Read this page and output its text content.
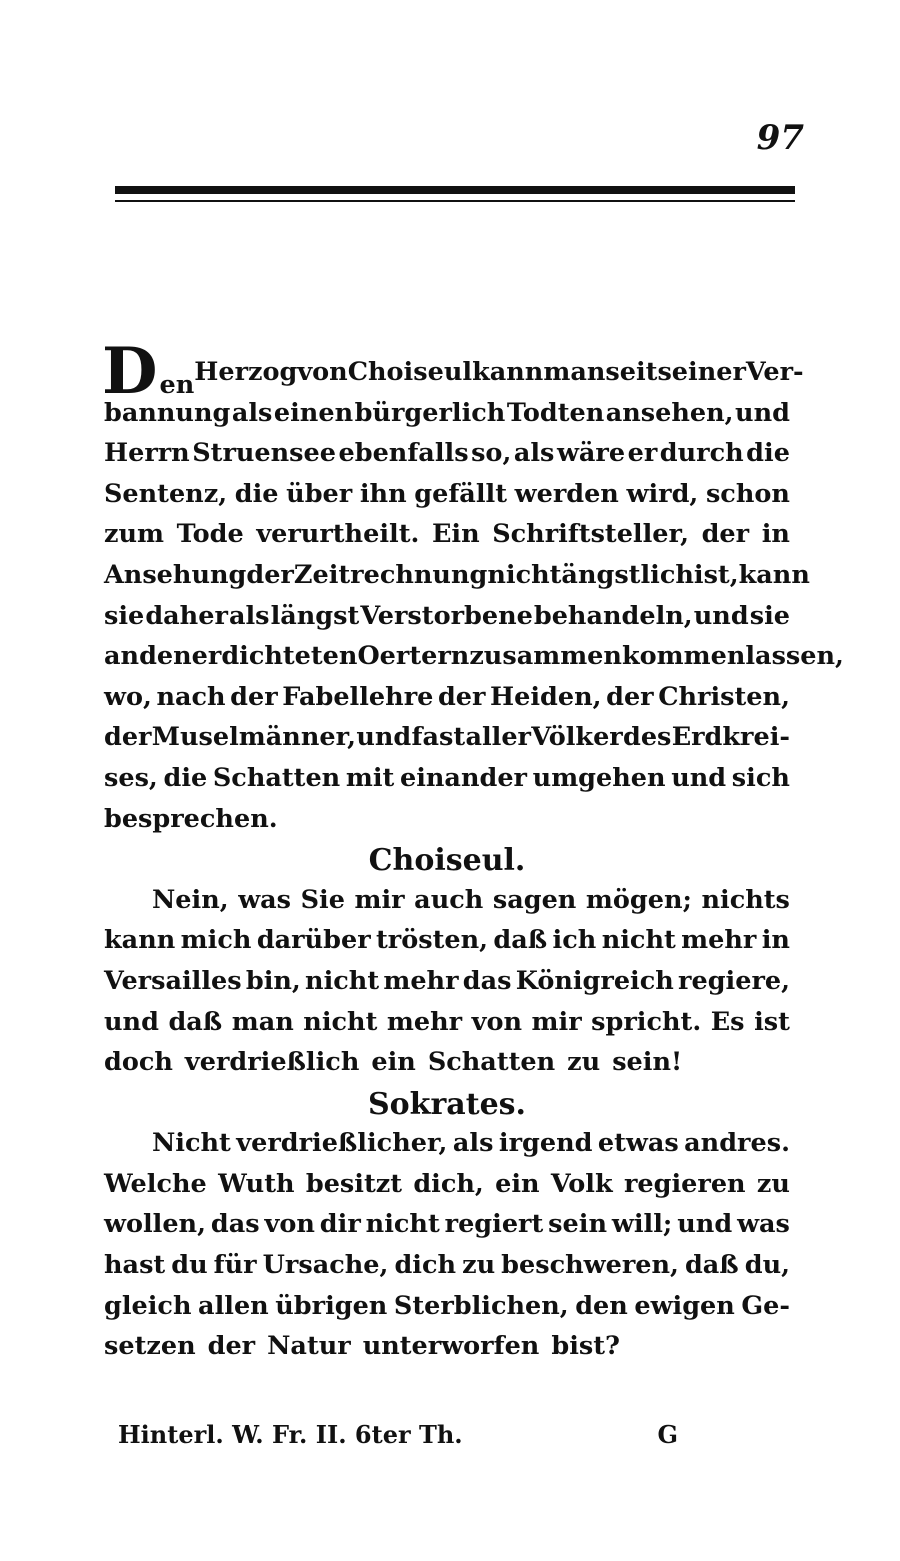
97
Den Herzog von Choiseul kann man seit seiner Ver-
bannung als einen bürgerlich Todten ansehen, und
Herrn Struensee ebenfalls so, als wäre er durch die
Sentenz, die über ihn gefällt werden wird, schon
zum Tode verurtheilt. Ein Schriftsteller, der in
Ansehung der Zeitrechnung nicht ängstlich ist, kann
sie daher als längst Verstorbene behandeln, und sie
an den erdichteten Oertern zusammen kommen lassen,
wo, nach der Fabellehre der Heiden, der Christen,
der Muselmänner, und fast aller Völker des Erdkrei-
ses, die Schatten mit einander umgehen und sich
besprechen.
Choiseul.
Nein, was Sie mir auch sagen mögen; nichts
kann mich darüber trösten, daß ich nicht mehr in
Versailles bin, nicht mehr das Königreich regiere,
und daß man nicht mehr von mir spricht. Es ist
doch verdrießlich ein Schatten zu sein!
Sokrates.
Nicht verdrießlicher, als irgend etwas andres.
Welche Wuth besitzt dich, ein Volk regieren zu
wollen, das von dir nicht regiert sein will; und was
hast du für Ursache, dich zu beschweren, daß du,
gleich allen übrigen Sterblichen, den ewigen Ge-
setzen der Natur unterworfen bist?
Hinterl. W. Fr. II. 6ter Th.	G
